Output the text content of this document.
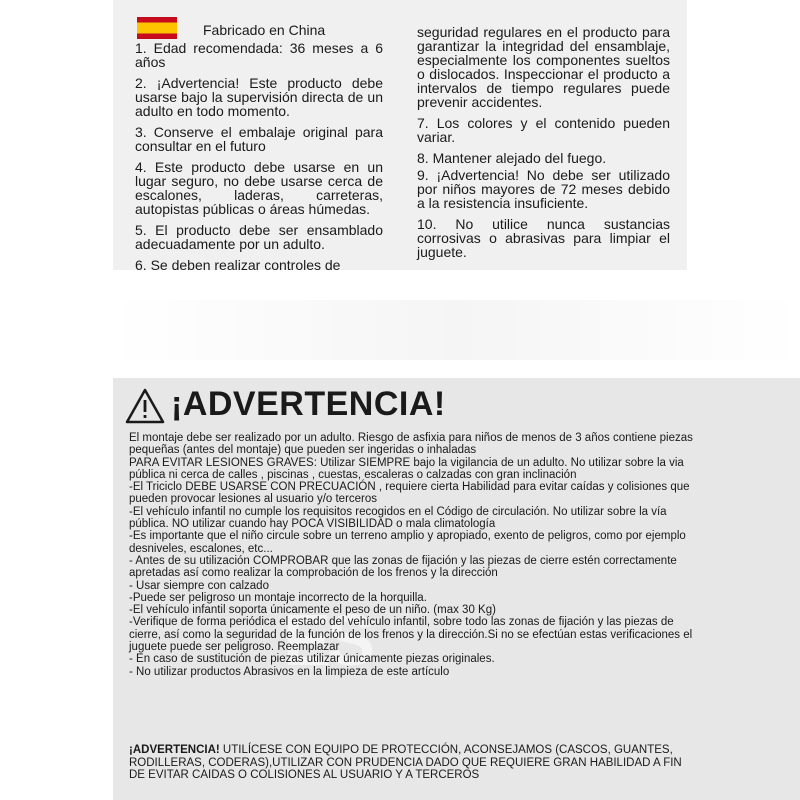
Fabricado en China

1. Edad recomendada: 36 meses a 6 años

2. ¡Advertencia! Este producto debe usarse bajo la supervisión directa de un adulto en todo momento.

3. Conserve el embalaje original para consultar en el futuro

4. Este producto debe usarse en un lugar seguro, no debe usarse cerca de escalones, laderas, carreteras, autopistas públicas o áreas húmedas.

5. El producto debe ser ensamblado adecuadamente por un adulto.

6. Se deben realizar controles de

seguridad regulares en el producto para garantizar la integridad del ensamblaje, especialmente los componentes sueltos o dislocados. Inspeccionar el producto a intervalos de tiempo regulares puede prevenir accidentes.

7. Los colores y el contenido pueden variar.

8. Mantener alejado del fuego.

9. ¡Advertencia! No debe ser utilizado por niños mayores de 72 meses debido a la resistencia insuficiente.

10. No utilice nunca sustancias corrosivas o abrasivas para limpiar el juguete.

¡ADVERTENCIA!
ES

El montaje debe ser realizado por un adulto. Riesgo de asfixia para niños de menos de 3 años contiene piezas pequeñas (antes del montaje) que pueden ser ingeridas o inhaladas

PARA EVITAR LESIONES GRAVES: Utilizar SIEMPRE bajo la vigilancia de un adulto. No utilizar sobre la via pública ni cerca de calles , piscinas , cuestas, escaleras o calzadas con gran inclinación

-El Triciclo DEBE USARSE CON PRECUACIÓN , requiere cierta Habilidad para evitar caídas y colisiones que pueden provocar lesiones al usuario y/o terceros

-El vehículo infantil no cumple los requisitos recogidos en el Código de circulación. No utilizar sobre la vía pública. NO utilizar cuando hay POCA VISIBILIDAD o mala climatología

-Es importante que el niño circule sobre un terreno amplio y apropiado, exento de peligros, como por ejemplo desniveles, escalones, etc...

- Antes de su utilización COMPROBAR que las zonas de fijación y las piezas de cierre estén correctamente apretadas así como realizar la comprobación de los frenos y la dirección

- Usar siempre con calzado

-Puede ser peligroso un montaje incorrecto de la horquilla.

-El vehículo infantil soporta únicamente el peso de un niño. (max 30 Kg)

-Verifique de forma periódica el estado del vehículo infantil, sobre todo las zonas de fijación y las piezas de cierre, así como la seguridad de la función de los frenos y la dirección.Si no se efectúan estas verificaciones el juguete puede ser peligroso. Reemplazar

- En caso de sustitución de piezas utilizar únicamente piezas originales.

- No utilizar productos Abrasivos en la limpieza de este artículo

¡ADVERTENCIA! UTILÍCESE CON EQUIPO DE PROTECCIÓN, ACONSEJAMOS (CASCOS, GUANTES, RODILLERAS, CODERAS),UTILIZAR CON PRUDENCIA DADO QUE REQUIERE GRAN HABILIDAD A FIN DE EVITAR CAIDAS O COLISIONES AL USUARIO Y A TERCEROS
